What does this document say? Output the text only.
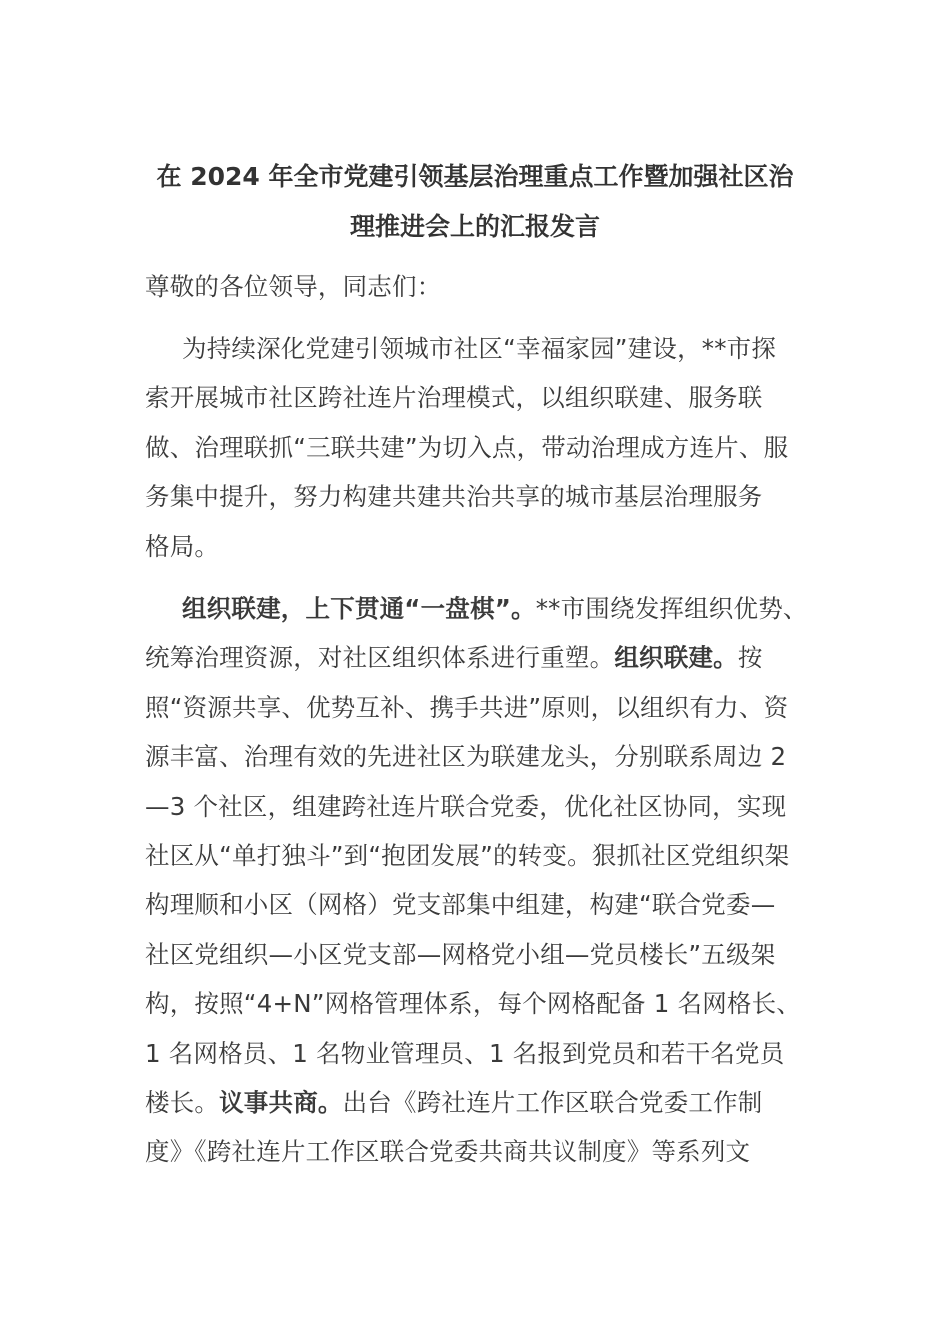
在 2024 年全市党建引领基层治理重点工作暨加强社区治
理推进会上的汇报发言
尊敬的各位领导，同志们：
为持续深化党建引领城市社区“幸福家园”建设，**市探
索开展城市社区跨社连片治理模式，以组织联建、服务联
做、治理联抓“三联共建”为切入点，带动治理成方连片、服
务集中提升，努力构建共建共治共享的城市基层治理服务
格局。
组织联建，上下贯通“一盘棋”。**市围绕发挥组织优势、
统筹治理资源，对社区组织体系进行重塑。组织联建。按
照“资源共享、优势互补、携手共进”原则，以组织有力、资
源丰富、治理有效的先进社区为联建龙头，分别联系周边 2
—3 个社区，组建跨社连片联合党委，优化社区协同，实现
社区从“单打独斗”到“抱团发展”的转变。狠抓社区党组织架
构理顺和小区（网格）党支部集中组建，构建“联合党委—
社区党组织—小区党支部—网格党小组—党员楼长”五级架
构，按照“4+N”网格管理体系，每个网格配备 1 名网格长、
1 名网格员、1 名物业管理员、1 名报到党员和若干名党员
楼长。议事共商。出台《跨社连片工作区联合党委工作制
度》《跨社连片工作区联合党委共商共议制度》等系列文
